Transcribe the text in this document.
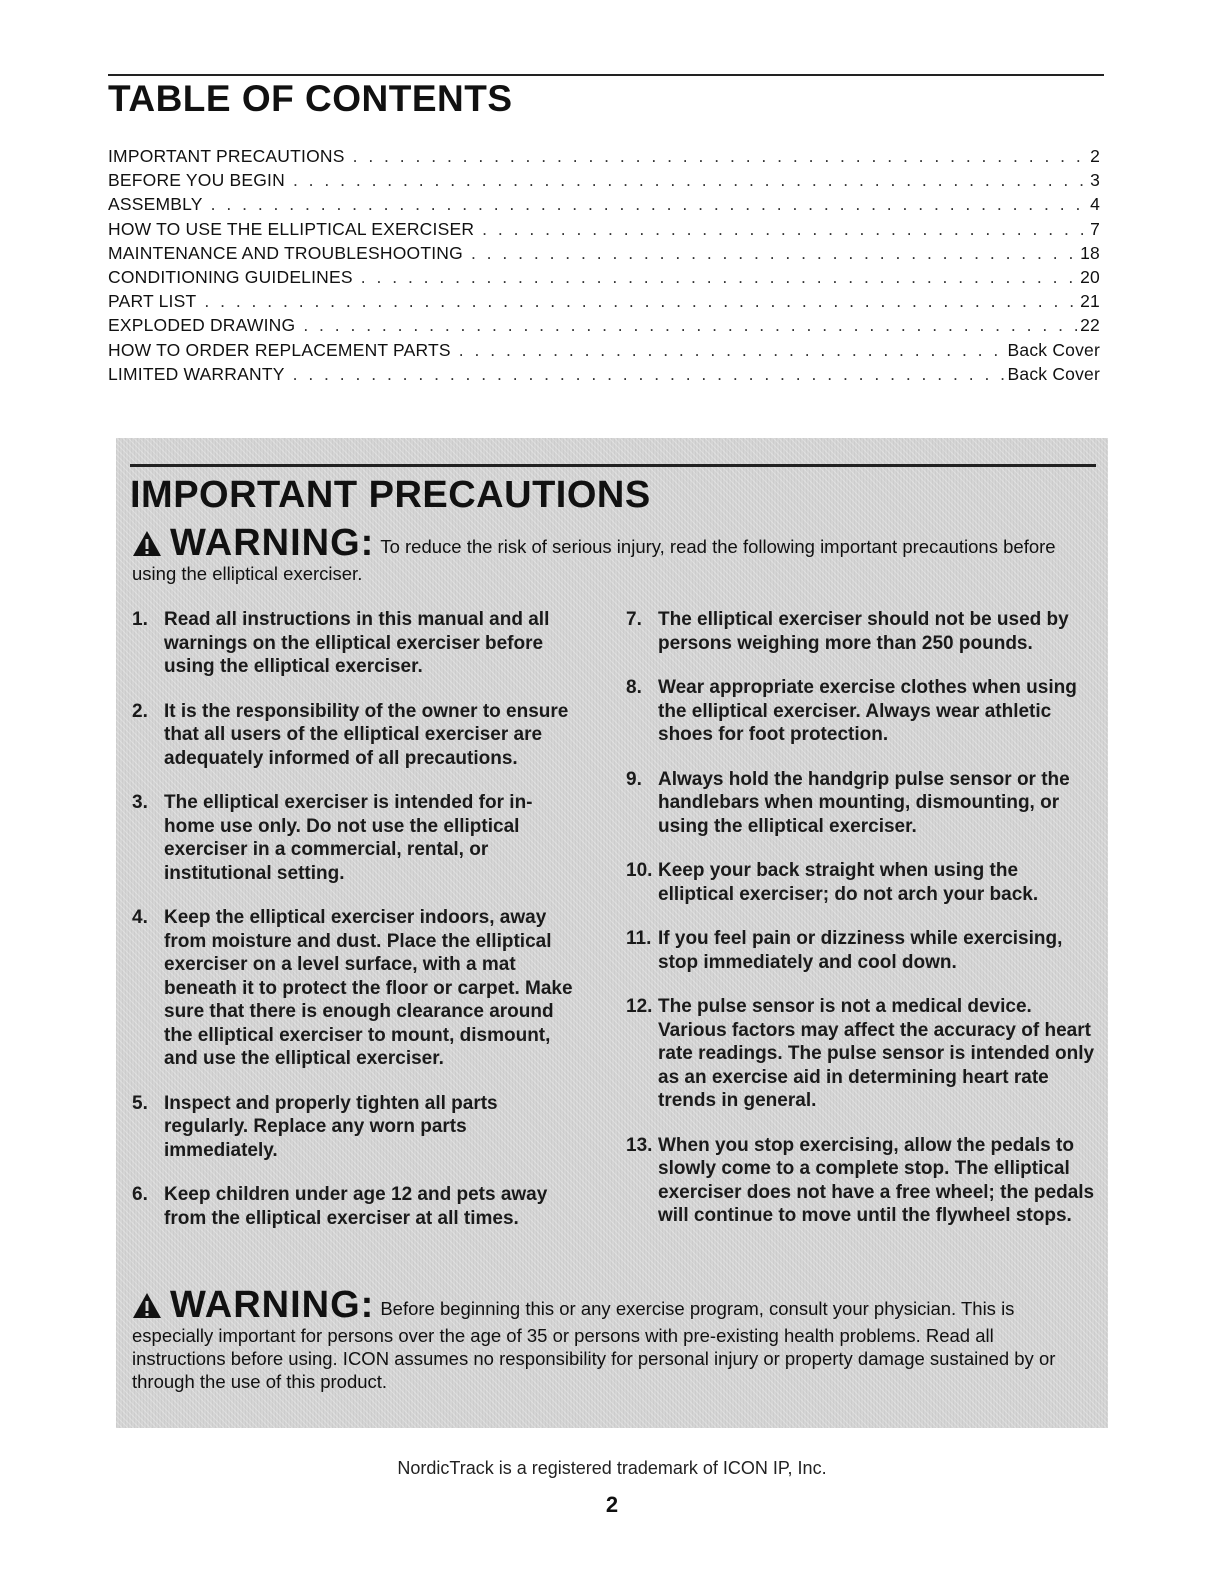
TABLE OF CONTENTS
IMPORTANT PRECAUTIONS . . .	2
BEFORE YOU BEGIN . . .	3
ASSEMBLY . . .	4
HOW TO USE THE ELLIPTICAL EXERCISER . . .	7
MAINTENANCE AND TROUBLESHOOTING . . .	18
CONDITIONING GUIDELINES . . .	20
PART LIST . . .	21
EXPLODED DRAWING . . .	22
HOW TO ORDER REPLACEMENT PARTS . . .	Back Cover
LIMITED WARRANTY . . .	Back Cover
IMPORTANT PRECAUTIONS
WARNING: To reduce the risk of serious injury, read the following important precautions before using the elliptical exerciser.
1. Read all instructions in this manual and all warnings on the elliptical exerciser before using the elliptical exerciser.
2. It is the responsibility of the owner to ensure that all users of the elliptical exerciser are adequately informed of all precautions.
3. The elliptical exerciser is intended for in-home use only. Do not use the elliptical exerciser in a commercial, rental, or institutional setting.
4. Keep the elliptical exerciser indoors, away from moisture and dust. Place the elliptical exerciser on a level surface, with a mat beneath it to protect the floor or carpet. Make sure that there is enough clearance around the elliptical exerciser to mount, dismount, and use the elliptical exerciser.
5. Inspect and properly tighten all parts regularly. Replace any worn parts immediately.
6. Keep children under age 12 and pets away from the elliptical exerciser at all times.
7. The elliptical exerciser should not be used by persons weighing more than 250 pounds.
8. Wear appropriate exercise clothes when using the elliptical exerciser. Always wear athletic shoes for foot protection.
9. Always hold the handgrip pulse sensor or the handlebars when mounting, dismounting, or using the elliptical exerciser.
10. Keep your back straight when using the elliptical exerciser; do not arch your back.
11. If you feel pain or dizziness while exercising, stop immediately and cool down.
12. The pulse sensor is not a medical device. Various factors may affect the accuracy of heart rate readings. The pulse sensor is intended only as an exercise aid in determining heart rate trends in general.
13. When you stop exercising, allow the pedals to slowly come to a complete stop. The elliptical exerciser does not have a free wheel; the pedals will continue to move until the flywheel stops.
WARNING: Before beginning this or any exercise program, consult your physician. This is especially important for persons over the age of 35 or persons with pre-existing health problems. Read all instructions before using. ICON assumes no responsibility for personal injury or property damage sustained by or through the use of this product.

NordicTrack is a registered trademark of ICON IP, Inc.

2
